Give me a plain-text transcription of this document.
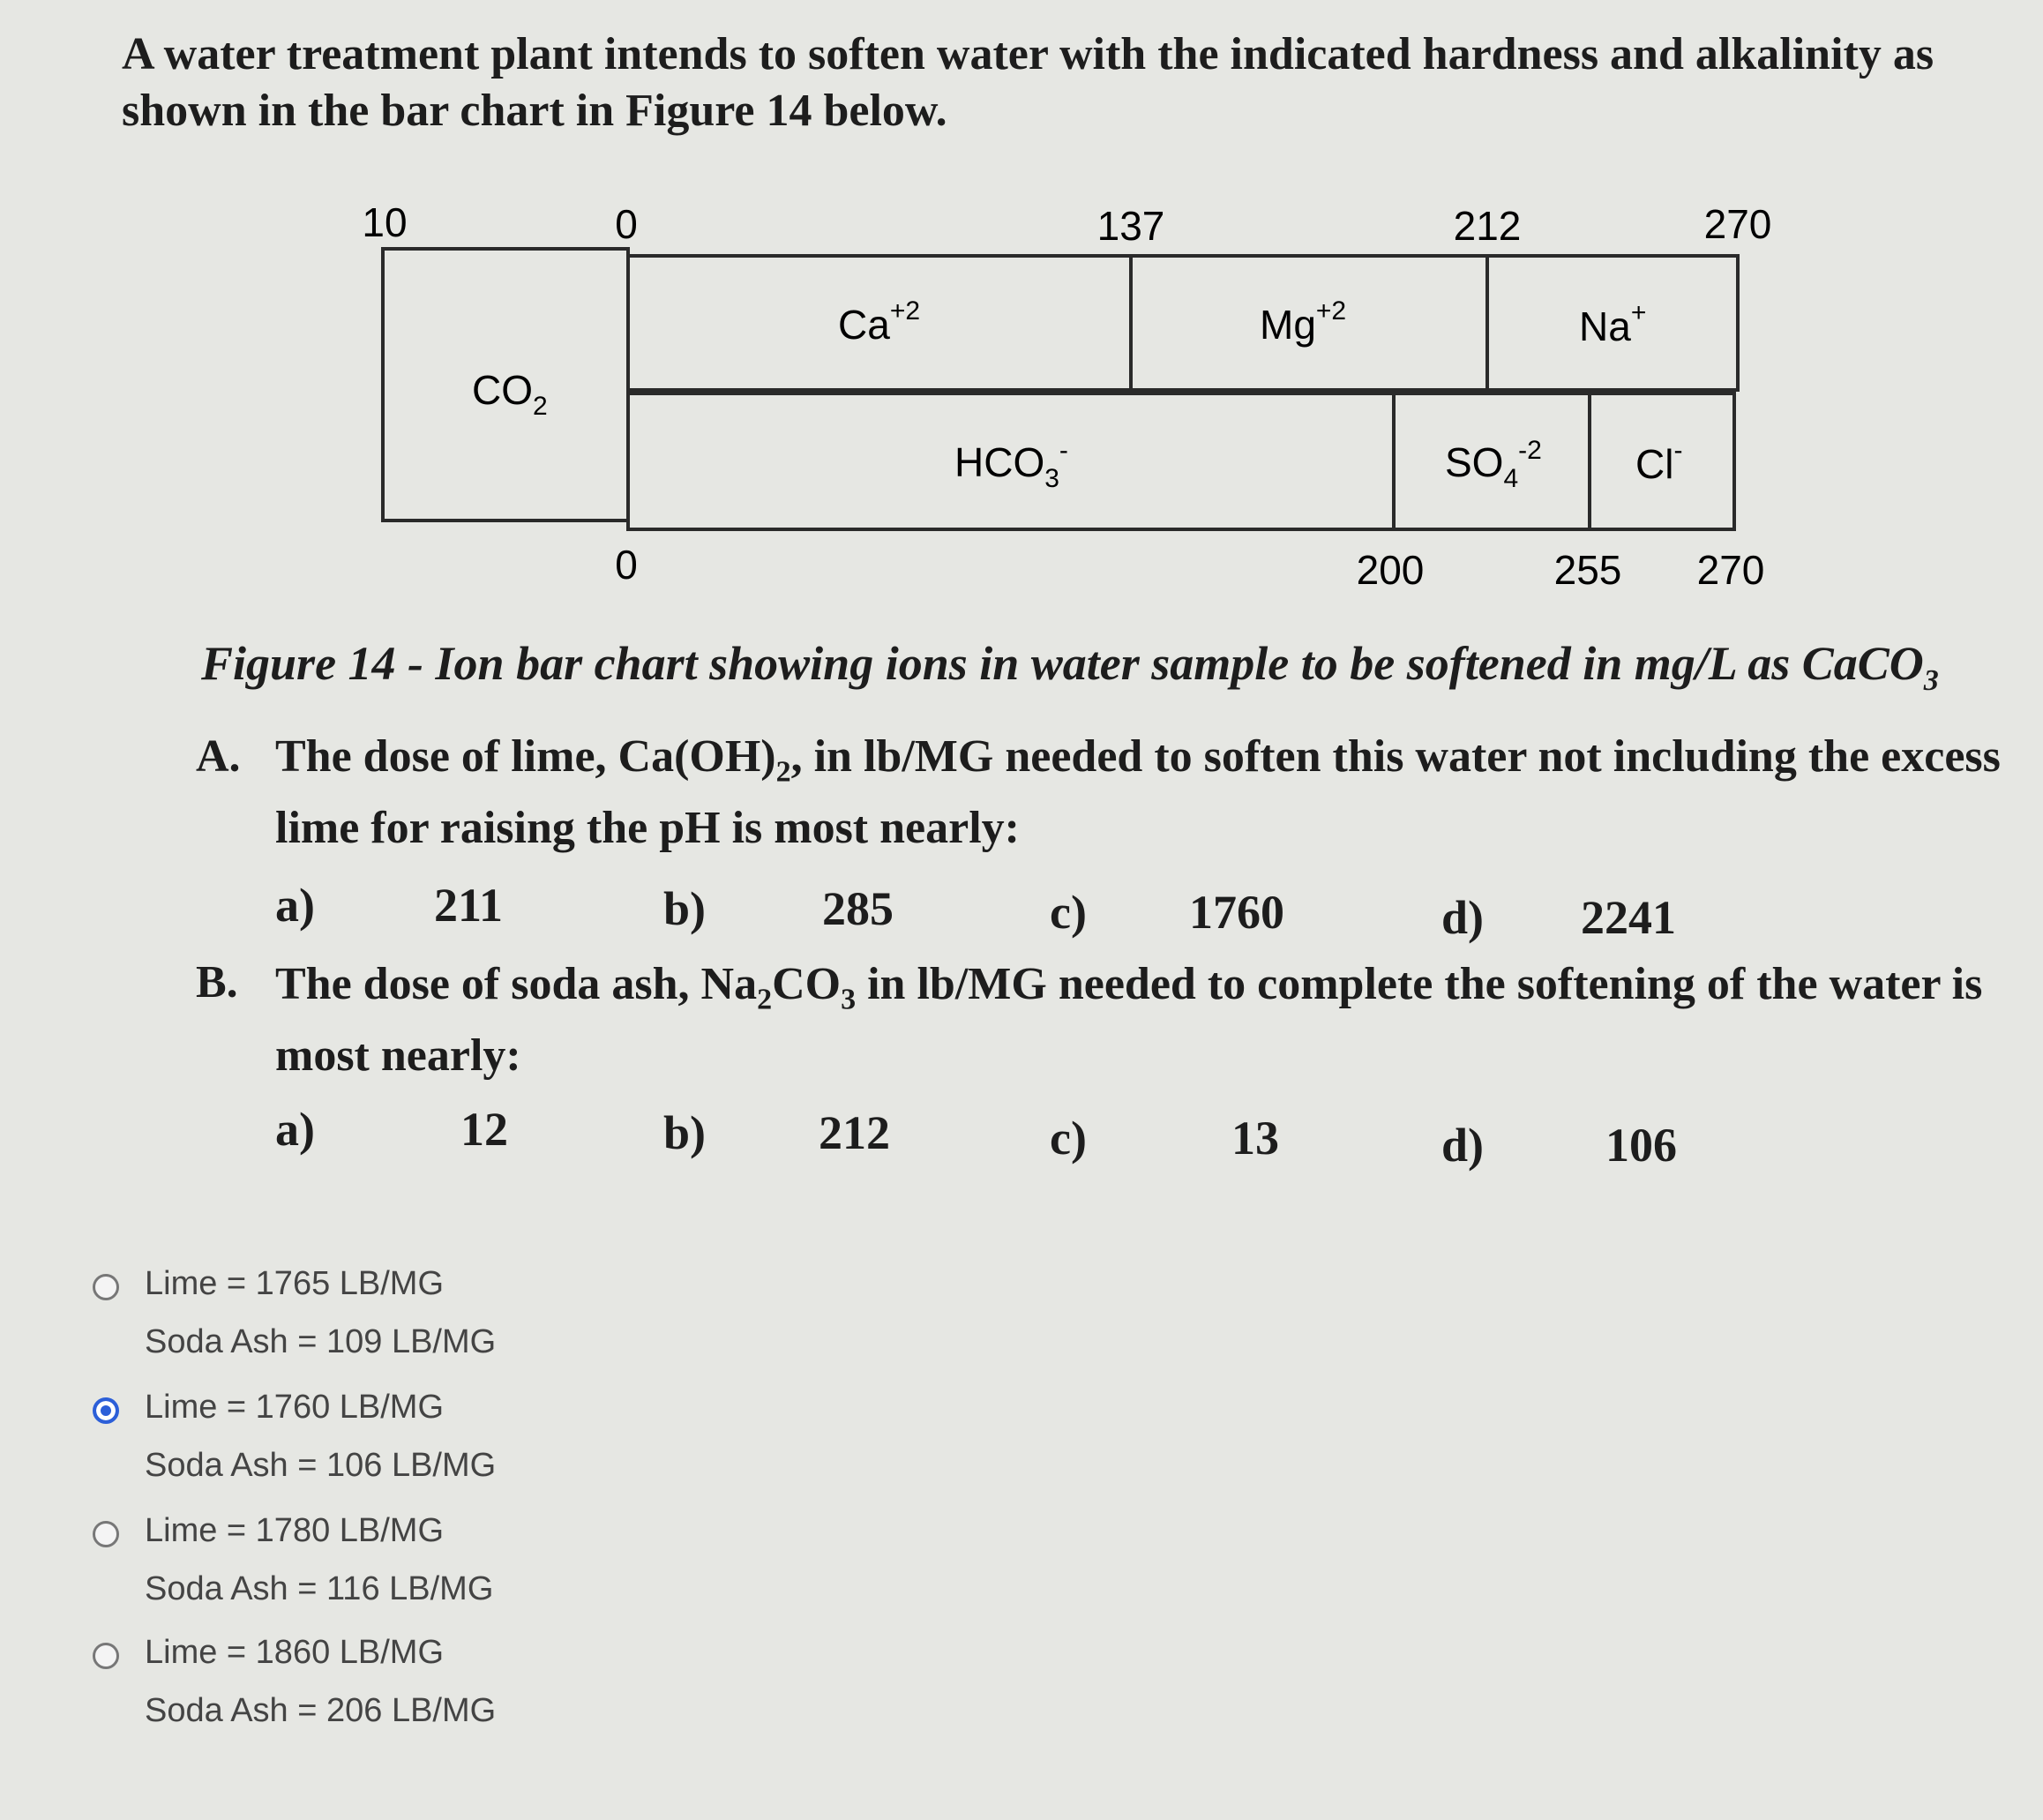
A water treatment plant intends to soften water with the indicated hardness and alkalinity as
shown in the bar chart in Figure 14 below.
10	0	137	212	270
0	200	255 270
$CO_2$
$Ca^{+2}$	$Mg^{+2}$	Na+
$HCO_3^-$	$SO_4^{-2}$ Cl-
Figure 14 - Ion bar chart showing ions in water sample to be softened in mg/L as CaCO$_3$
A. The dose of lime, $Ca(OH)_2$, in lb/MG needed to soften this water not including the excess
lime for raising the pH is most nearly:
a)	211	b) 285	c) 1760	d) 2241
B. The dose of soda ash, $Na_2CO_3$ in lb/MG needed to complete the softening of the water is
most nearly:
a)	12	b) 212	c)	13	d)	106
Lime = 1765 LB/MG
Soda Ash = 109 LB/MG
Lime = 1760 LB/MG
Soda Ash = 106 LB/MG
Lime = 1780 LB/MG
Soda Ash = 116 LB/MG
Lime = 1860 LB/MG
Soda Ash = 206 LB/MG
